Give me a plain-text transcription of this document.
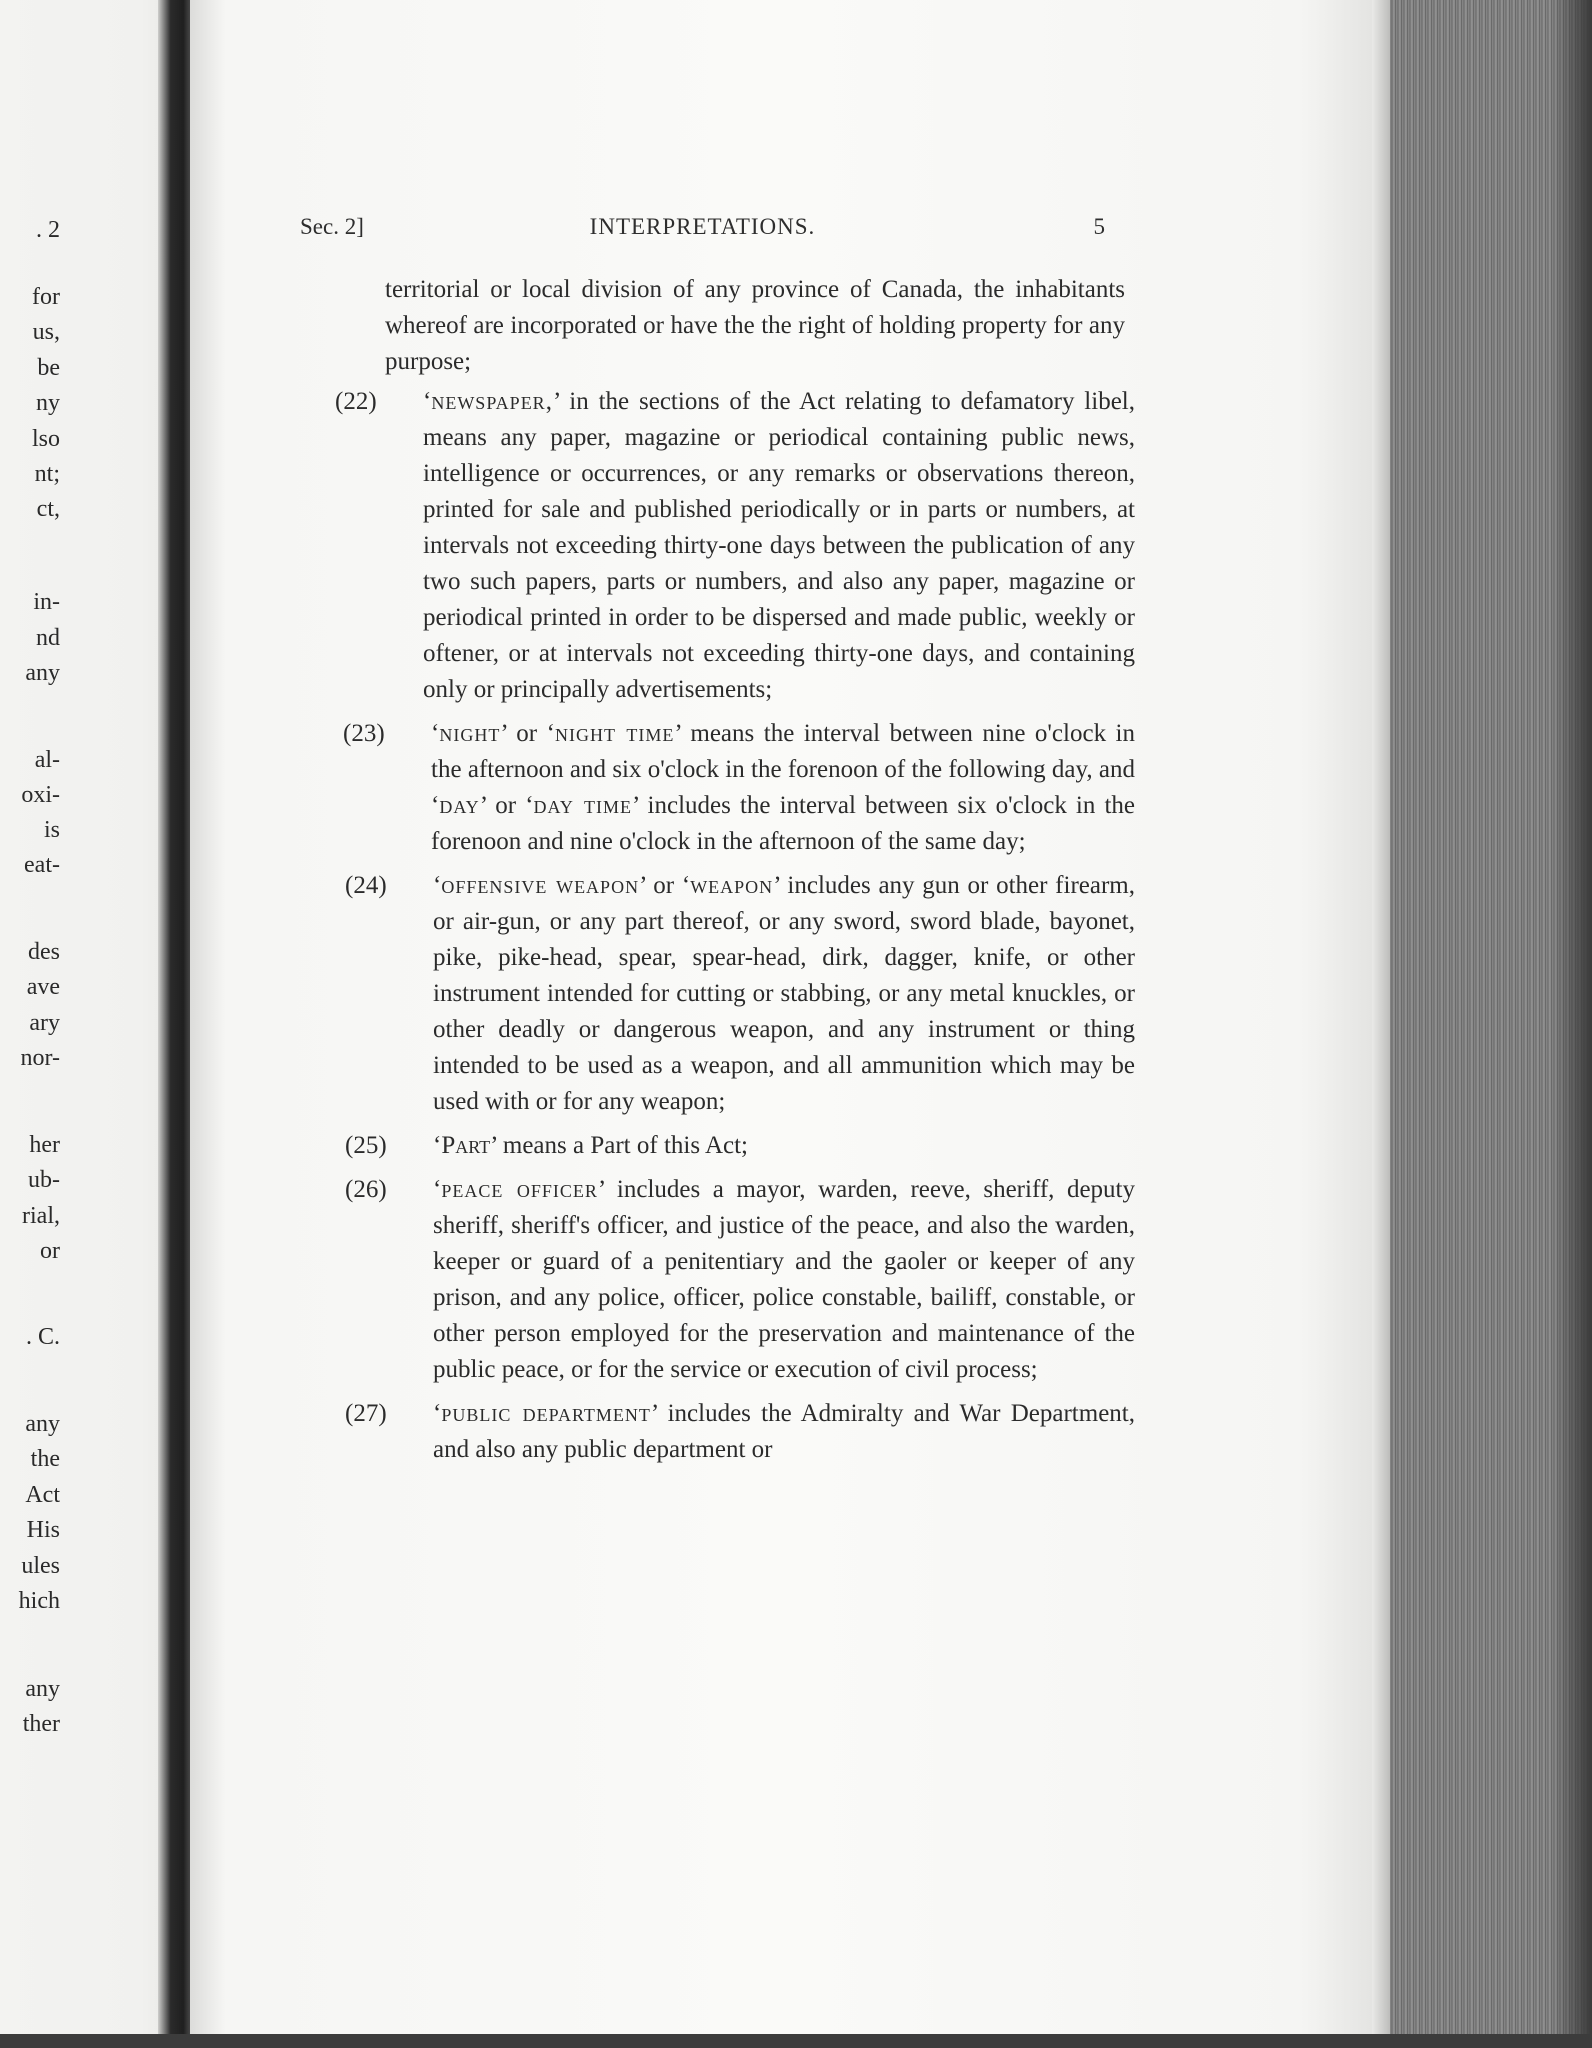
. 2
for
us,
be
ny
lso
nt;
ct,
in-
nd
any
al-
oxi-
is
eat-
des
ave
ary
nor-
her
ub-
rial,
or
. C.
any
the
Act
His
ules
hich
any
ther
Sec. 2]	INTERPRETATIONS.	5

territorial or local division of any province of Canada, the inhabitants whereof are incorporated or have the the right of holding property for any purpose;

(22)	‘newspaper,’ in the sections of the Act relating to defamatory libel, means any paper, magazine or periodical containing public news, intelligence or occurrences, or any remarks or observations thereon, printed for sale and published periodically or in parts or numbers, at intervals not exceeding thirty-one days between the publication of any two such papers, parts or numbers, and also any paper, magazine or periodical printed in order to be dispersed and made public, weekly or oftener, or at intervals not exceeding thirty-one days, and containing only or principally advertisements;
(23)	‘night’ or ‘night time’ means the interval between nine o'clock in the afternoon and six o'clock in the forenoon of the following day, and ‘day’ or ‘day time’ includes the interval between six o'clock in the forenoon and nine o'clock in the afternoon of the same day;
(24)	‘offensive weapon’ or ‘weapon’ includes any gun or other firearm, or air-gun, or any part thereof, or any sword, sword blade, bayonet, pike, pike-head, spear, spear-head, dirk, dagger, knife, or other instrument intended for cutting or stabbing, or any metal knuckles, or other deadly or dangerous weapon, and any instrument or thing intended to be used as a weapon, and all ammunition which may be used with or for any weapon;
(25)	‘Part’ means a Part of this Act;
(26)	‘peace officer’ includes a mayor, warden, reeve, sheriff, deputy sheriff, sheriff's officer, and justice of the peace, and also the warden, keeper or guard of a penitentiary and the gaoler or keeper of any prison, and any police, officer, police constable, bailiff, constable, or other person employed for the preservation and maintenance of the public peace, or for the service or execution of civil process;
(27)	‘public department’ includes the Admiralty and War Department, and also any public department or
